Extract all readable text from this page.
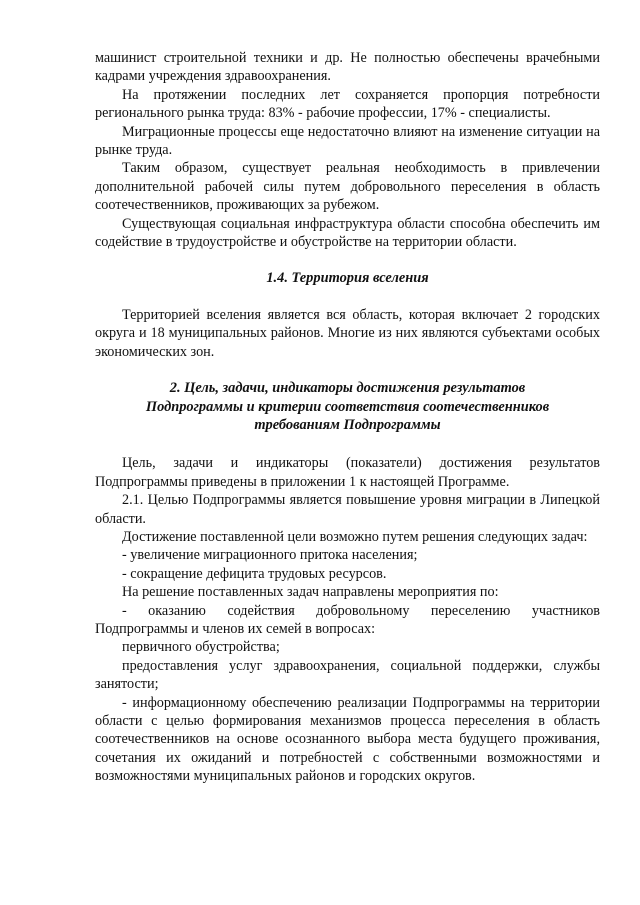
машинист строительной техники и др. Не полностью обеспечены врачебными кадрами учреждения здравоохранения.

На протяжении последних лет сохраняется пропорция потребности регионального рынка труда: 83% - рабочие профессии, 17% - специалисты.

Миграционные процессы еще недостаточно влияют на изменение ситуации на рынке труда.

Таким образом, существует реальная необходимость в привлечении дополнительной рабочей силы путем добровольного переселения в область соотечественников, проживающих за рубежом.

Существующая социальная инфраструктура области способна обеспечить им содействие в трудоустройстве и обустройстве на территории области.

1.4. Территория вселения

Территорией вселения является вся область, которая включает 2 городских округа и 18 муниципальных районов. Многие из них являются субъектами особых экономических зон.

2. Цель, задачи, индикаторы достижения результатов

Подпрограммы и критерии соответствия соотечественников

требованиям Подпрограммы

Цель, задачи и индикаторы (показатели) достижения результатов Подпрограммы приведены в приложении 1 к настоящей Программе.

2.1. Целью Подпрограммы является повышение уровня миграции в Липецкой области.

Достижение поставленной цели возможно путем решения следующих задач:

- увеличение миграционного притока населения;

- сокращение дефицита трудовых ресурсов.

На решение поставленных задач направлены мероприятия по:

- оказанию содействия добровольному переселению участников Подпрограммы и членов их семей в вопросах:

первичного обустройства;

предоставления услуг здравоохранения, социальной поддержки, службы занятости;

- информационному обеспечению реализации Подпрограммы на территории области с целью формирования механизмов процесса переселения в область соотечественников на основе осознанного выбора места будущего проживания, сочетания их ожиданий и потребностей с собственными возможностями и возможностями муниципальных районов и городских округов.
